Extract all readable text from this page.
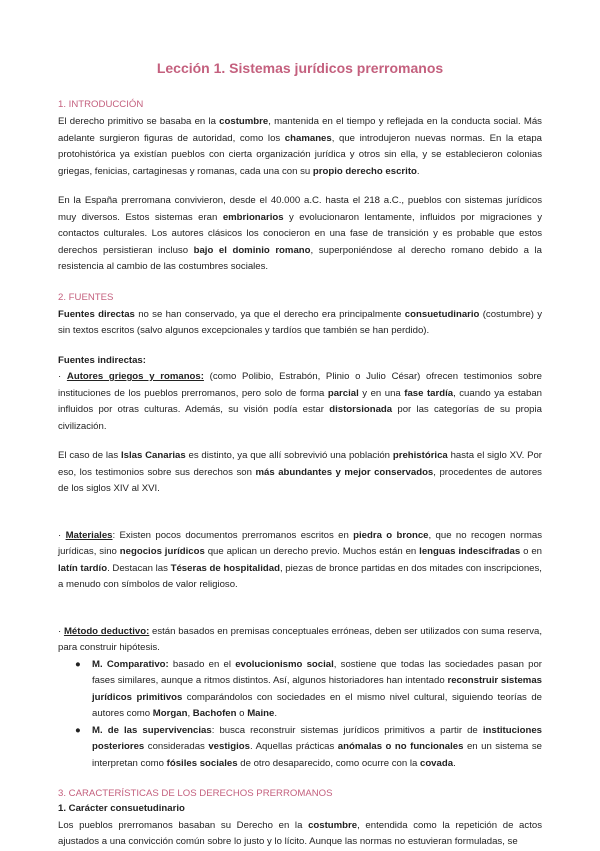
Lección 1. Sistemas jurídicos prerromanos
1. INTRODUCCIÓN

El derecho primitivo se basaba en la costumbre, mantenida en el tiempo y reflejada en la conducta social. Más adelante surgieron figuras de autoridad, como los chamanes, que introdujeron nuevas normas. En la etapa protohistórica ya existían pueblos con cierta organización jurídica y otros sin ella, y se establecieron colonias griegas, fenicias, cartaginesas y romanas, cada una con su propio derecho escrito.

En la España prerromana convivieron, desde el 40.000 a.C. hasta el 218 a.C., pueblos con sistemas jurídicos muy diversos. Estos sistemas eran embrionarios y evolucionaron lentamente, influidos por migraciones y contactos culturales. Los autores clásicos los conocieron en una fase de transición y es probable que estos derechos persistieran incluso bajo el dominio romano, superponiéndose al derecho romano debido a la resistencia al cambio de las costumbres sociales.

2. FUENTES

Fuentes directas no se han conservado, ya que el derecho era principalmente consuetudinario (costumbre) y sin textos escritos (salvo algunos excepcionales y tardíos que también se han perdido).

Fuentes indirectas:

· Autores griegos y romanos: (como Polibio, Estrabón, Plinio o Julio César) ofrecen testimonios sobre instituciones de los pueblos prerromanos, pero solo de forma parcial y en una fase tardía, cuando ya estaban influidos por otras culturas. Además, su visión podía estar distorsionada por las categorías de su propia civilización.

El caso de las Islas Canarias es distinto, ya que allí sobrevivió una población prehistórica hasta el siglo XV. Por eso, los testimonios sobre sus derechos son más abundantes y mejor conservados, procedentes de autores de los siglos XIV al XVI.

· Materiales: Existen pocos documentos prerromanos escritos en piedra o bronce, que no recogen normas jurídicas, sino negocios jurídicos que aplican un derecho previo. Muchos están en lenguas indescifradas o en latín tardío. Destacan las Téseras de hospitalidad, piezas de bronce partidas en dos mitades con inscripciones, a menudo con símbolos de valor religioso.

· Método deductivo: están basados en premisas conceptuales erróneas, deben ser utilizados con suma reserva, para construir hipótesis.

● M. Comparativo: basado en el evolucionismo social, sostiene que todas las sociedades pasan por fases similares, aunque a ritmos distintos. Así, algunos historiadores han intentado reconstruir sistemas jurídicos primitivos comparándolos con sociedades en el mismo nivel cultural, siguiendo teorías de autores como Morgan, Bachofen o Maine.
● M. de las supervivencias: busca reconstruir sistemas jurídicos primitivos a partir de instituciones posteriores consideradas vestigios. Aquellas prácticas anómalas o no funcionales en un sistema se interpretan como fósiles sociales de otro desaparecido, como ocurre con la covada.
3. CARACTERÍSTICAS DE LOS DERECHOS PRERROMANOS

1. Carácter consuetudinario

Los pueblos prerromanos basaban su Derecho en la costumbre, entendida como la repetición de actos ajustados a una convicción común sobre lo justo y lo lícito. Aunque las normas no estuvieran formuladas, se
